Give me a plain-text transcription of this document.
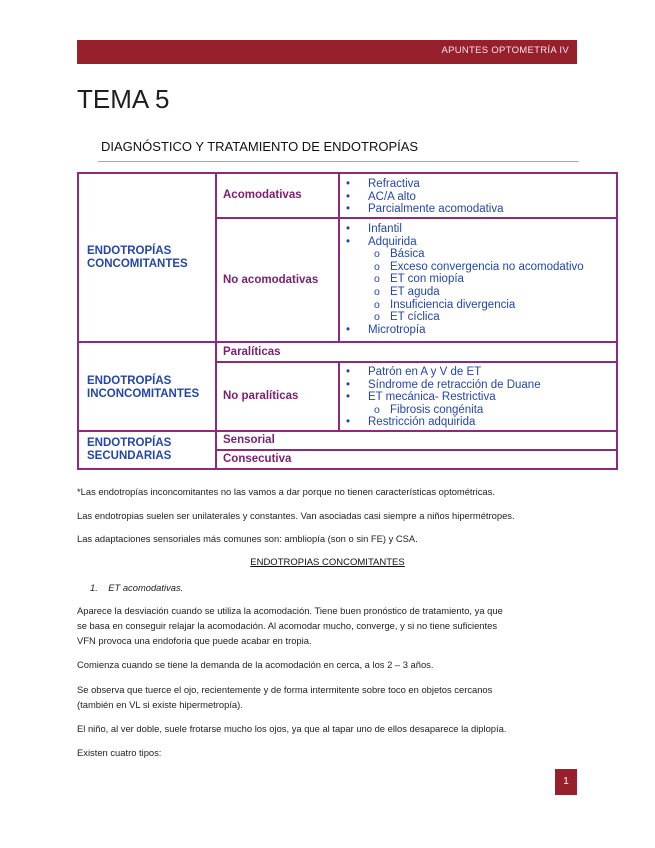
APUNTES OPTOMETRÍA IV
TEMA 5
DIAGNÓSTICO Y TRATAMIENTO DE ENDOTROPÍAS
ENDOTROPÍAS CONCOMITANTES
ENDOTROPÍAS INCONCOMITANTES
ENDOTROPÍAS SECUNDARIAS
Acomodativas
• Refractiva
• AC/A alto
• Parcialmente acomodativa
No acomodativas
• Infantil
• Adquirida
o Básica
o Exceso convergencia no acomodativo
o ET con miopía
o ET aguda
o Insuficiencia divergencia
o ET cíclica
• Microtropía
Paralíticas
No paralíticas
• Patrón en A y V de ET
• Síndrome de retracción de Duane
• ET mecánica- Restrictiva
o Fibrosis congénita
• Restricción adquirida
Sensorial
Consecutiva
*Las endotropías inconcomitantes no las vamos a dar porque no tienen características optométricas.
Las endotropias suelen ser unilaterales y constantes. Van asociadas casi siempre a niños hipermétropes.
Las adaptaciones sensoriales más comunes son: ambliopía (son o sin FE) y CSA.
ENDOTROPIAS CONCOMITANTES
1. ET acomodativas.
Aparece la desviación cuando se utiliza la acomodación. Tiene buen pronóstico de tratamiento, ya que
se basa en conseguir relajar la acomodación. Al acomodar mucho, converge, y si no tiene suficientes
VFN provoca una endoforia que puede acabar en tropia.
Comienza cuando se tiene la demanda de la acomodación en cerca, a los 2 – 3 años.
Se observa que tuerce el ojo, recientemente y de forma intermitente sobre toco en objetos cercanos
(también en VL si existe hipermetropía).
El niño, al ver doble, suele frotarse mucho los ojos, ya que al tapar uno de ellos desaparece la diplopía.
Existen cuatro tipos:
1
